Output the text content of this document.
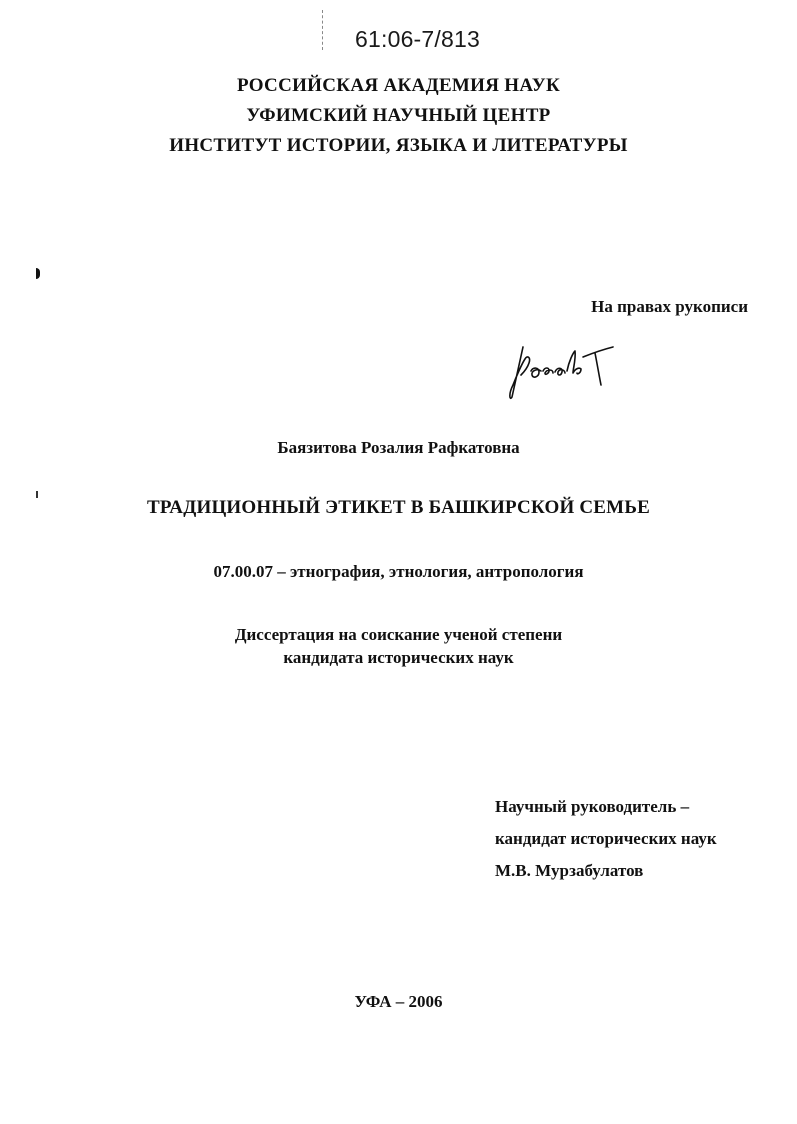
61:06-7/813
РОССИЙСКАЯ АКАДЕМИЯ НАУК
УФИМСКИЙ НАУЧНЫЙ ЦЕНТР
ИНСТИТУТ ИСТОРИИ, ЯЗЫКА И ЛИТЕРАТУРЫ
На правах рукописи
Баязитова Розалия Рафкатовна
ТРАДИЦИОННЫЙ ЭТИКЕТ В БАШКИРСКОЙ СЕМЬЕ
07.00.07 – этнография, этнология, антропология
Диссертация на соискание ученой степени
кандидата исторических наук
Научный руководитель –
кандидат исторических наук
М.В. Мурзабулатов
УФА – 2006
